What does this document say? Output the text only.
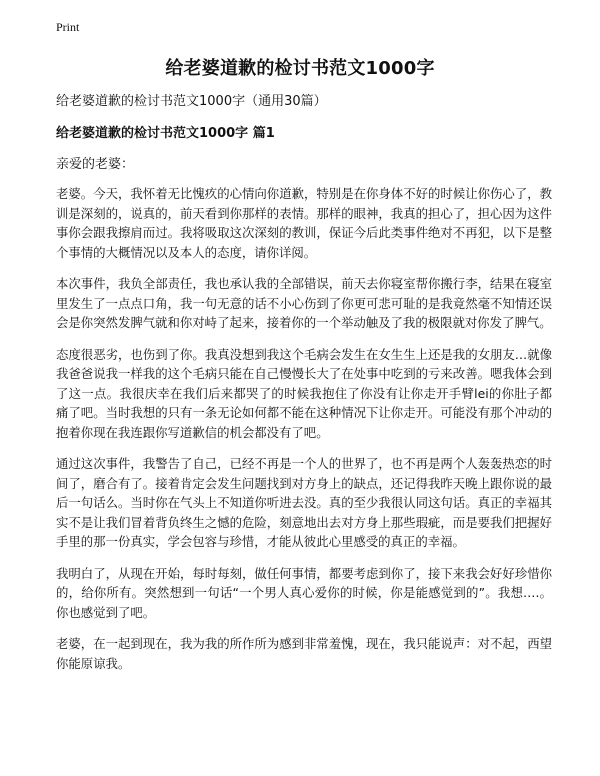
Print
给老婆道歉的检讨书范文1000字

给老婆道歉的检讨书范文1000字（通用30篇）

给老婆道歉的检讨书范文1000字 篇1

亲爱的老婆：

老婆。今天，我怀着无比愧疚的心情向你道歉，特别是在你身体不好的时候让你伤心了，教训是深刻的，说真的，前天看到你那样的表情。那样的眼神，我真的担心了，担心因为这件事你会跟我擦肩而过。我将吸取这次深刻的教训，保证今后此类事件绝对不再犯，以下是整个事情的大概情况以及本人的态度，请你详阅。

本次事件，我负全部责任，我也承认我的全部错误，前天去你寝室帮你搬行李，结果在寝室里发生了一点点口角，我一句无意的话不小心伤到了你更可悲可耻的是我竟然毫不知情还误会是你突然发脾气就和你对峙了起来，接着你的一个举动触及了我的极限就对你发了脾气。

态度很恶劣，也伤到了你。我真没想到我这个毛病会发生在女生生上还是我的女朋友…就像我爸爸说我一样我的这个毛病只能在自己慢慢长大了在处事中吃到的亏来改善。嗯我体会到了这一点。我很庆幸在我们后来都哭了的时候我抱住了你没有让你走开手臂lei的你肚子都痛了吧。当时我想的只有一条无论如何都不能在这种情况下让你走开。可能没有那个冲动的抱着你现在我连跟你写道歉信的机会都没有了吧。

通过这次事件，我警告了自己，已经不再是一个人的世界了，也不再是两个人轰轰热恋的时间了，磨合有了。接着肯定会发生问题找到对方身上的缺点，还记得我昨天晚上跟你说的最后一句话么。当时你在气头上不知道你听进去没。真的至少我很认同这句话。真正的幸福其实不是让我们冒着背负终生之憾的危险，刻意地出去对方身上那些瑕疵，而是要我们把握好手里的那一份真实，学会包容与珍惜，才能从彼此心里感受的真正的幸福。

我明白了，从现在开始，每时每刻，做任何事情，都要考虑到你了，接下来我会好好珍惜你的，给你所有。突然想到一句话“一个男人真心爱你的时候，你是能感觉到的”。我想….。你也感觉到了吧。

老婆，在一起到现在，我为我的所作所为感到非常羞愧，现在，我只能说声：对不起，西望你能原谅我。
